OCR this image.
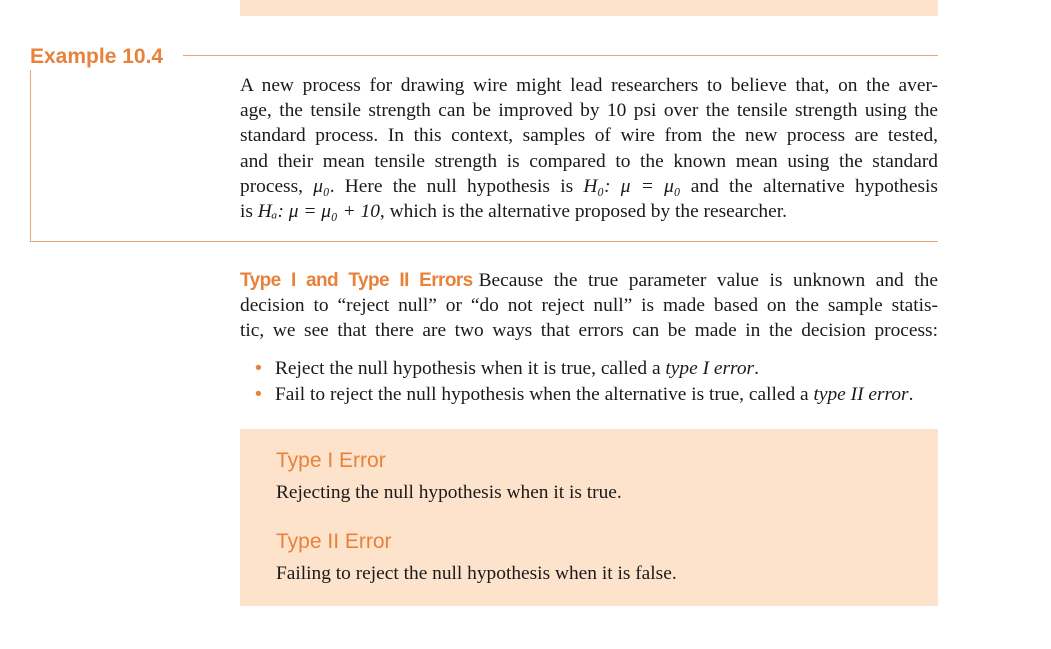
Example 10.4
A new process for drawing wire might lead researchers to believe that, on the aver-
age, the tensile strength can be improved by 10 psi over the tensile strength using the
standard process. In this context, samples of wire from the new process are tested,
and their mean tensile strength is compared to the known mean using the standard
process, μ₀. Here the null hypothesis is H₀: μ = μ₀ and the alternative hypothesis
is Hₐ: μ = μ₀ + 10, which is the alternative proposed by the researcher.
Type I and Type II Errors Because the true parameter value is unknown and the
decision to “reject null” or “do not reject null” is made based on the sample statis-
tic, we see that there are two ways that errors can be made in the decision process:
• Reject the null hypothesis when it is true, called a type I error.
• Fail to reject the null hypothesis when the alternative is true, called a type II error.
Type I Error
Rejecting the null hypothesis when it is true.
Type II Error
Failing to reject the null hypothesis when it is false.
